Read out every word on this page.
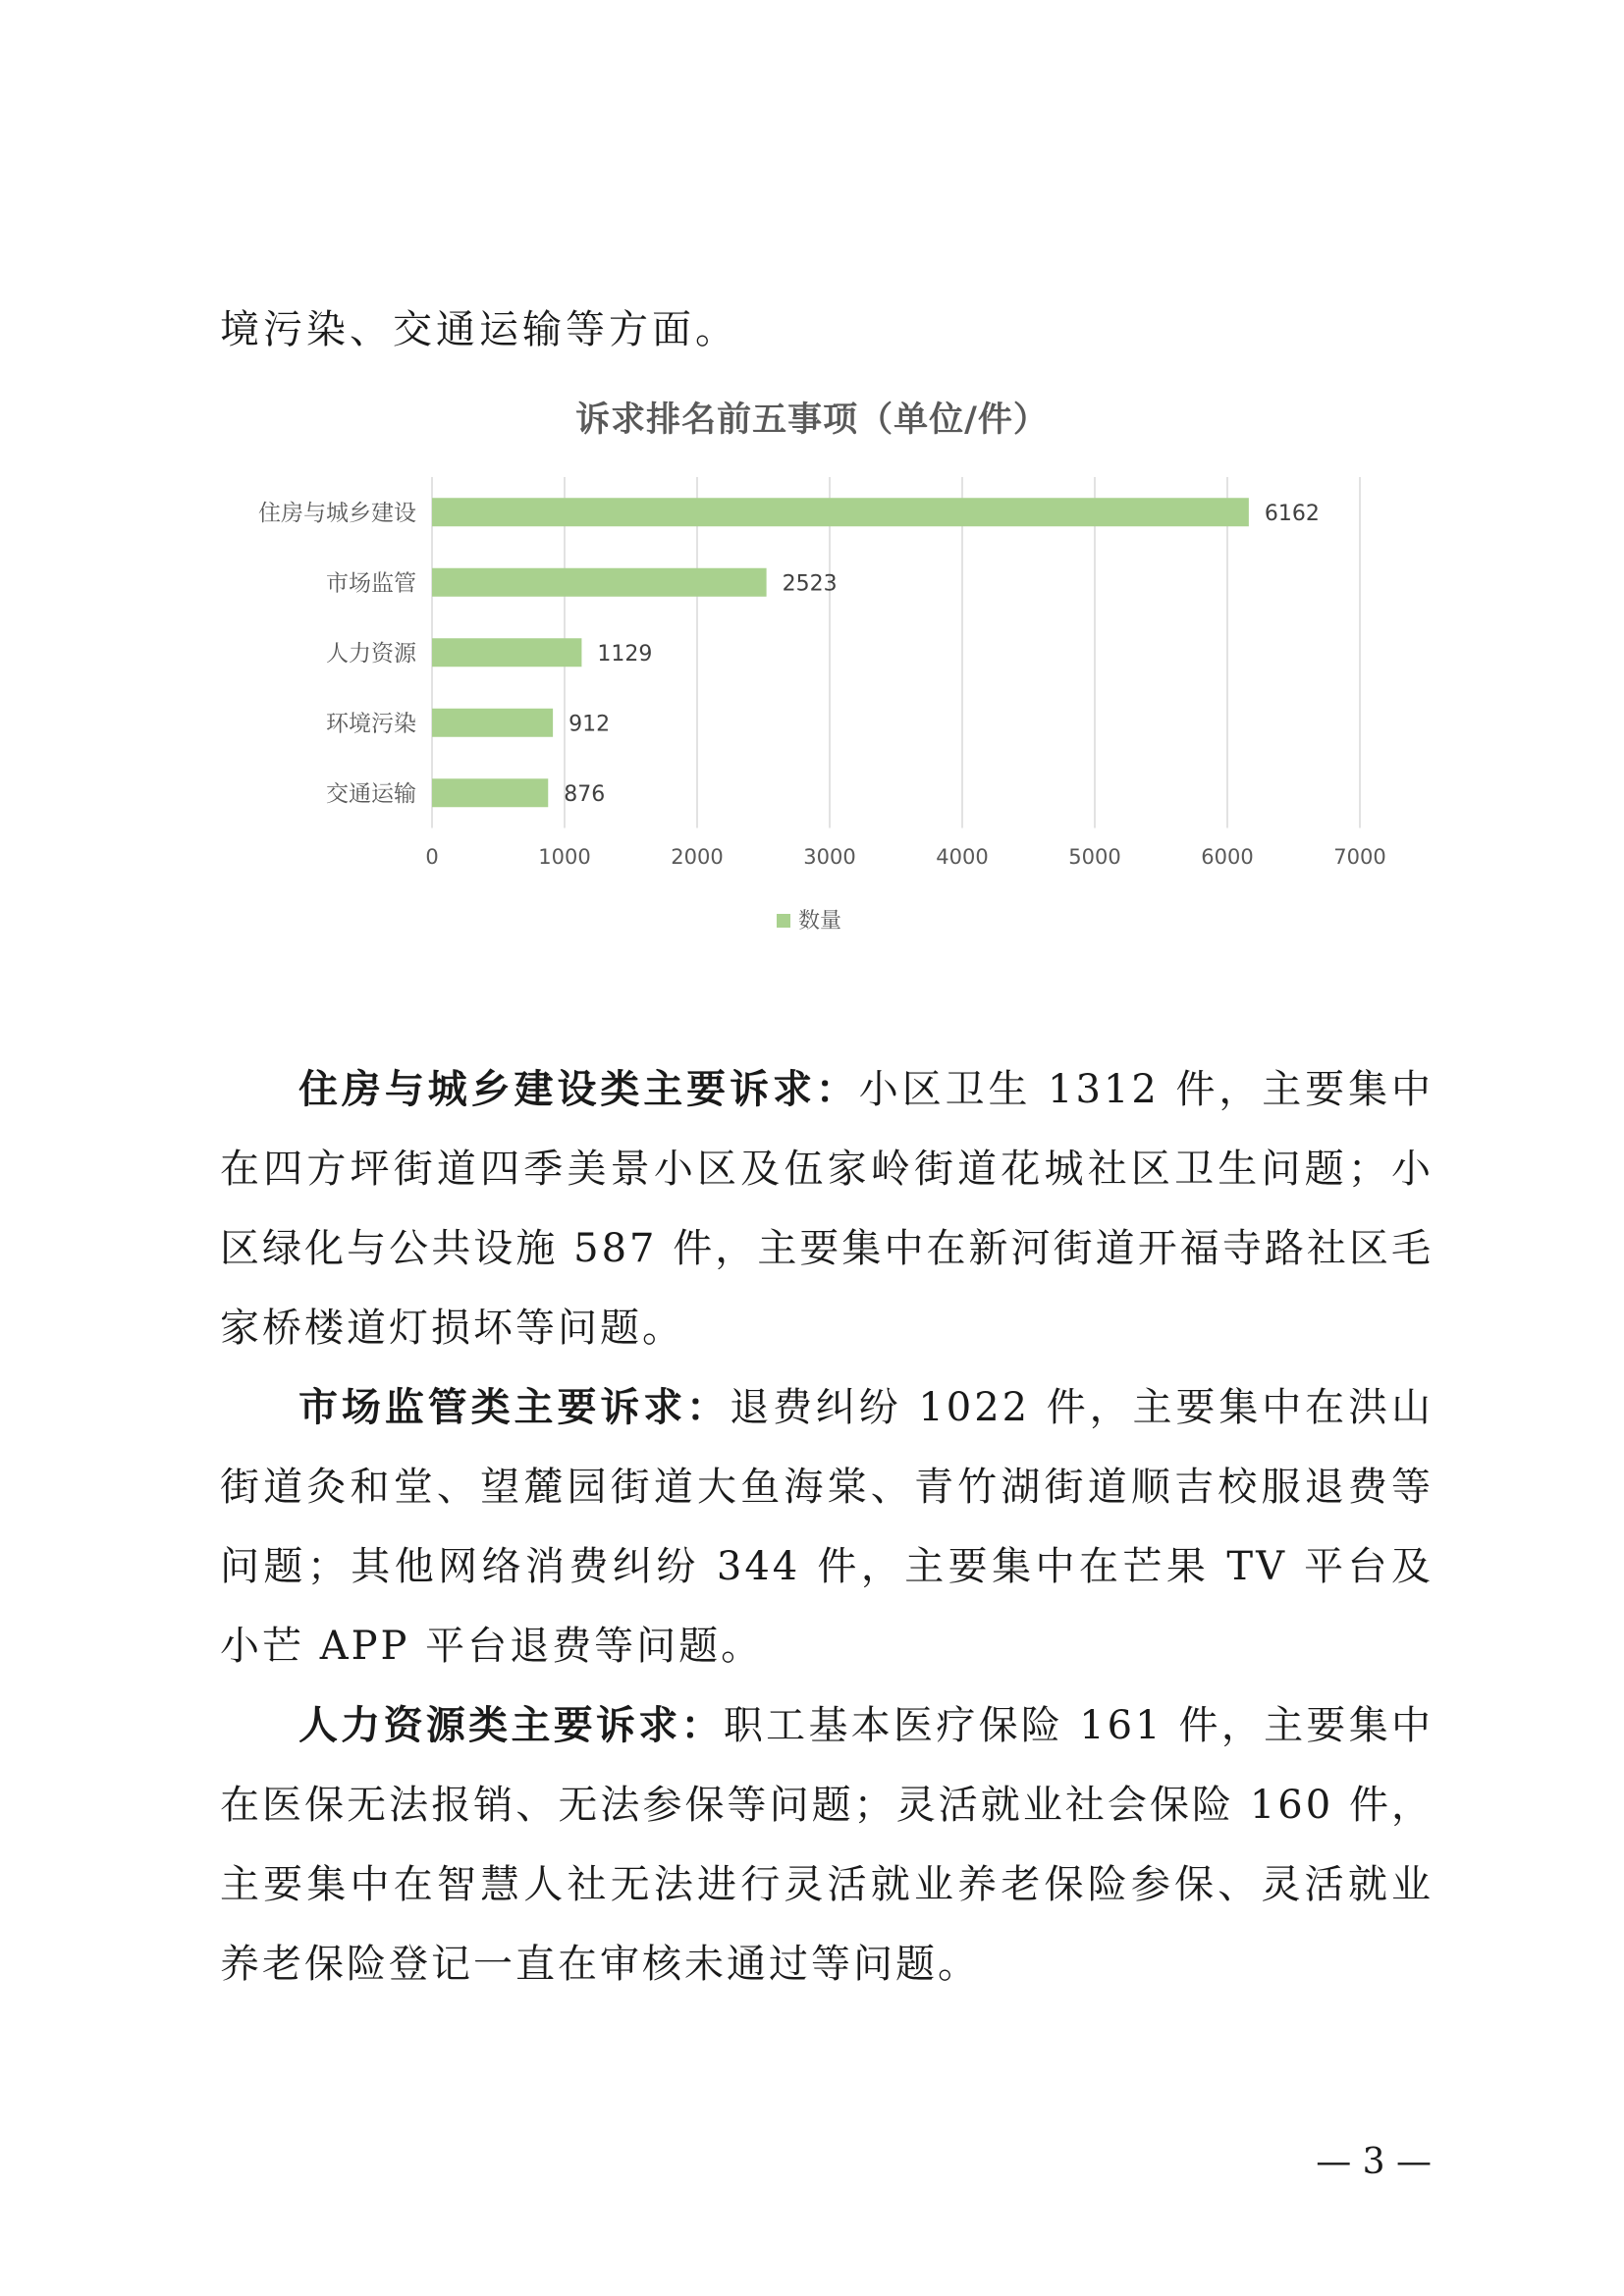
境污染、交通运输等方面。
诉求排名前五事项（单位/件）
0	1000	2000	3000	4000	5000	6000	7000
住房与城乡建设	6162
市场监管	2523
人力资源	1129
环境污染	912
交通运输	876
数量

住房与城乡建设类主要诉求：小区卫生 1312 件，主要集中在四方坪街道四季美景小区及伍家岭街道花城社区卫生问题；小区绿化与公共设施 587 件，主要集中在新河街道开福寺路社区毛家桥楼道灯损坏等问题。

市场监管类主要诉求：退费纠纷 1022 件，主要集中在洪山街道灸和堂、望麓园街道大鱼海棠、青竹湖街道顺吉校服退费等问题；其他网络消费纠纷 344 件，主要集中在芒果 TV 平台及小芒 APP 平台退费等问题。

人力资源类主要诉求：职工基本医疗保险 161 件，主要集中在医保无法报销、无法参保等问题；灵活就业社会保险 160 件，主要集中在智慧人社无法进行灵活就业养老保险参保、灵活就业养老保险登记一直在审核未通过等问题。

— 3 —
